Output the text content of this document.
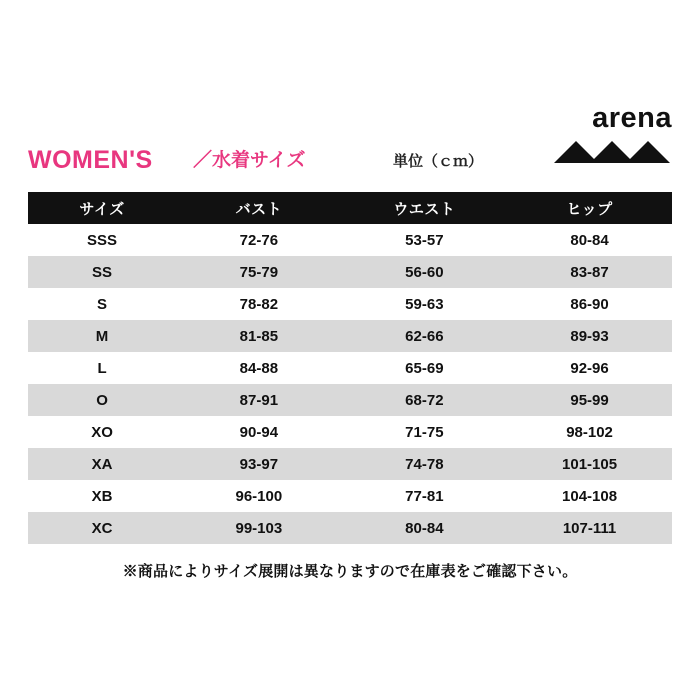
arena
WOMEN'S ／水着サイズ	単位（ｃｍ）
サイズ	バスト	ウエスト	ヒップ
SSS	72-76	53-57	80-84
SS	75-79	56-60	83-87
S	78-82	59-63	86-90
M	81-85	62-66	89-93
L	84-88	65-69	92-96
O	87-91	68-72	95-99
XO	90-94	71-75	98-102
XA	93-97	74-78	101-105
XB	96-100	77-81	104-108
XC	99-103	80-84	107-111
※商品によりサイズ展開は異なりますので在庫表をご確認下さい。
